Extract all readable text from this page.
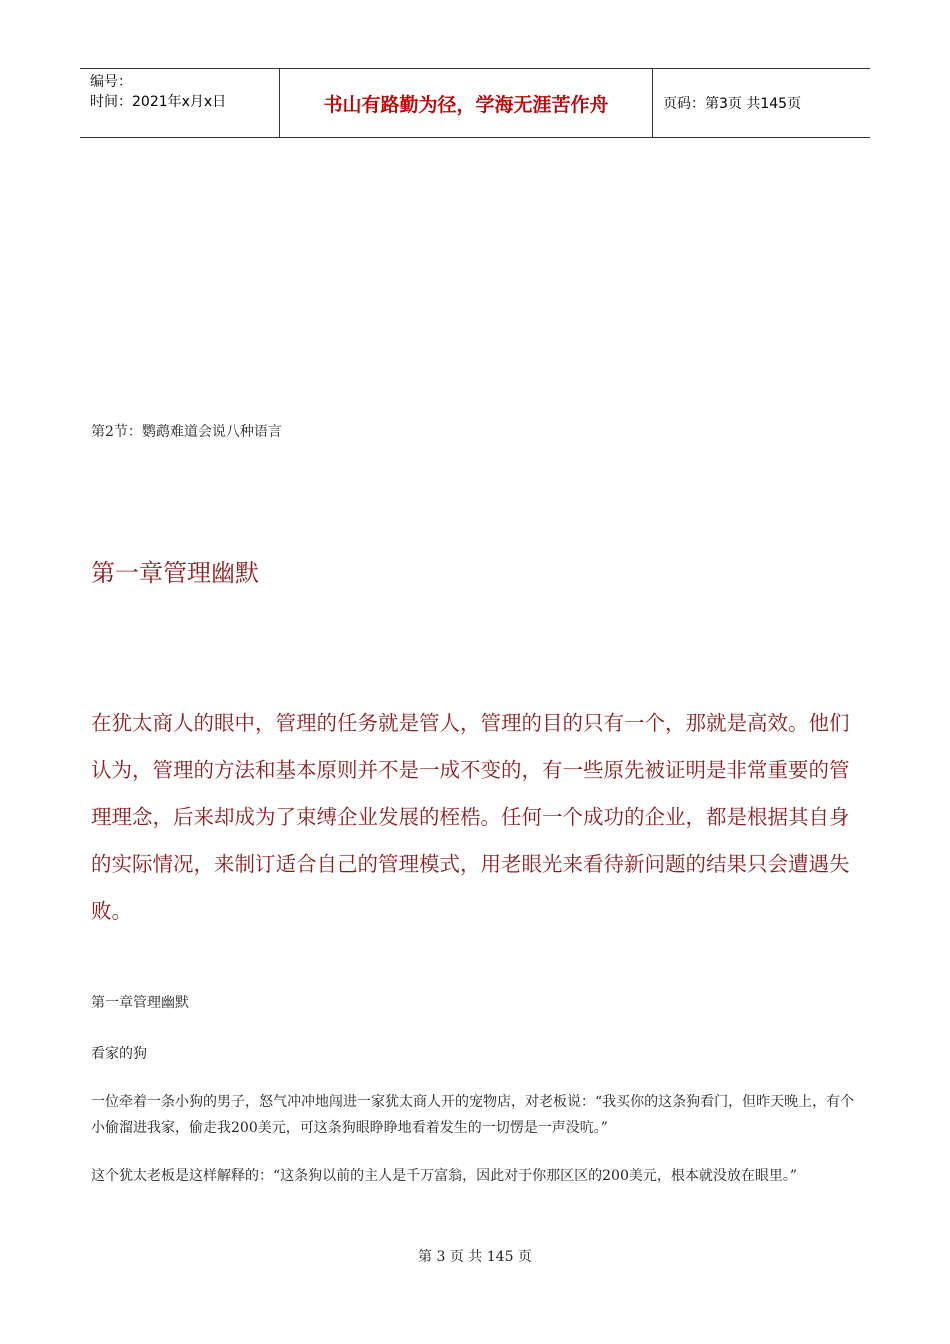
编号：
时间：2021年x月x日	书山有路勤为径，学海无涯苦作舟	页码：第3页 共145页
第2节：鹦鹉难道会说八种语言
第一章管理幽默
在犹太商人的眼中，管理的任务就是管人，管理的目的只有一个，那就是高效。他们认为，管理的方法和基本原则并不是一成不变的，有一些原先被证明是非常重要的管理理念，后来却成为了束缚企业发展的桎梏。任何一个成功的企业，都是根据其自身的实际情况，来制订适合自己的管理模式，用老眼光来看待新问题的结果只会遭遇失败。
第一章管理幽默
看家的狗
一位牵着一条小狗的男子，怒气冲冲地闯进一家犹太商人开的宠物店，对老板说：“我买你的这条狗看门，但昨天晚上，有个小偷溜进我家，偷走我200美元，可这条狗眼睁睁地看着发生的一切愣是一声没吭。”
这个犹太老板是这样解释的：“这条狗以前的主人是千万富翁，因此对于你那区区的200美元，根本就没放在眼里。”
第 3 页 共 145 页
